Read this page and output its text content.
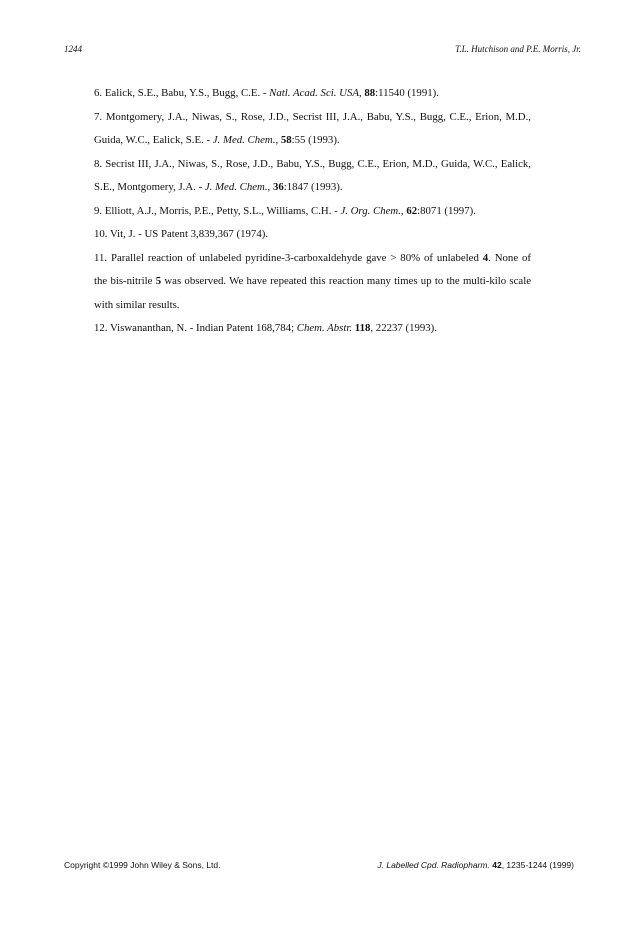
1244	T.L. Hutchison and P.E. Morris, Jr.
6. Ealick, S.E., Babu, Y.S., Bugg, C.E. - Natl. Acad. Sci. USA, 88:11540 (1991).
7. Montgomery, J.A., Niwas, S., Rose, J.D., Secrist III, J.A., Babu, Y.S., Bugg, C.E., Erion, M.D., Guida, W.C., Ealick, S.E. - J. Med. Chem., 58:55 (1993).
8. Secrist III, J.A., Niwas, S., Rose, J.D., Babu, Y.S., Bugg, C.E., Erion, M.D., Guida, W.C., Ealick, S.E., Montgomery, J.A. - J. Med. Chem., 36:1847 (1993).
9. Elliott, A.J., Morris, P.E., Petty, S.L., Williams, C.H. - J. Org. Chem., 62:8071 (1997).
10. Vit, J. - US Patent 3,839,367 (1974).
11. Parallel reaction of unlabeled pyridine-3-carboxaldehyde gave > 80% of unlabeled 4. None of the bis-nitrile 5 was observed. We have repeated this reaction many times up to the multi-kilo scale with similar results.
12. Viswananthan, N. - Indian Patent 168,784; Chem. Abstr. 118, 22237 (1993).
Copyright ©1999 John Wiley & Sons, Ltd.	J. Labelled Cpd. Radiopharm. 42, 1235-1244 (1999)
